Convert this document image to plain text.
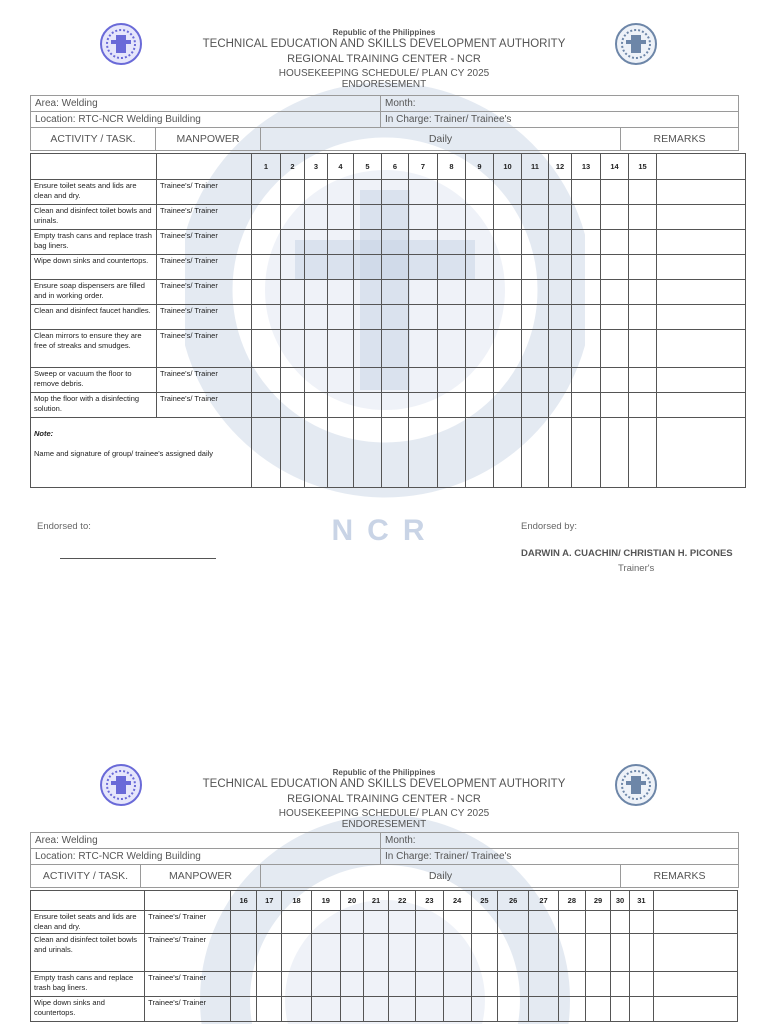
NCR
Republic of the Philippines
TECHNICAL EDUCATION AND SKILLS DEVELOPMENT AUTHORITY
REGIONAL TRAINING CENTER - NCR
HOUSEKEEPING SCHEDULE/ PLAN CY 2025
ENDORESEMENT
Area: Welding			Month:	
Location: RTC-NCR Welding Building			In Charge: Trainer/ Trainee's	
ACTIVITY / TASK.	MANPOWER	Daily		REMARKS
		1	2	3	4	5	6	7	8	9	10	11	12	13	14	15	
Ensure toilet seats and lids are clean and dry.	Trainee's/ Trainer																
Clean and disinfect toilet bowls and urinals.	Trainee's/ Trainer																
Empty trash cans and replace trash bag liners.	Trainee's/ Trainer																
Wipe down sinks and countertops.	Trainee's/ Trainer																
Ensure soap dispensers are filled and in working order.	Trainee's/ Trainer																
Clean and disinfect faucet handles.	Trainee's/ Trainer																
Clean mirrors to ensure they are free of streaks and smudges.	Trainee's/ Trainer																
Sweep or vacuum the floor to remove debris.	Trainee's/ Trainer																
Mop the floor with a disinfecting solution.	Trainee's/ Trainer																

Note:
Name and signature of group/ trainee's assigned daily																	

Endorsed to:	Endorsed by:
DARWIN A. CUACHIN/ CHRISTIAN H. PICONES
Trainer's
Republic of the Philippines
TECHNICAL EDUCATION AND SKILLS DEVELOPMENT AUTHORITY
REGIONAL TRAINING CENTER - NCR
HOUSEKEEPING SCHEDULE/ PLAN CY 2025
ENDORESEMENT
Area: Welding			Month:	
Location: RTC-NCR Welding Building			In Charge: Trainer/ Trainee's	
ACTIVITY / TASK.	MANPOWER	Daily		REMARKS
		16	17	18	19	20	21	22	23	24	25	26	27	28	29	30	31	
Ensure toilet seats and lids are clean and dry.	Trainee's/ Trainer																	
Clean and disinfect toilet bowls and urinals.	Trainee's/ Trainer																	
Empty trash cans and replace trash bag liners.	Trainee's/ Trainer																	
Wipe down sinks and countertops.	Trainee's/ Trainer																	
